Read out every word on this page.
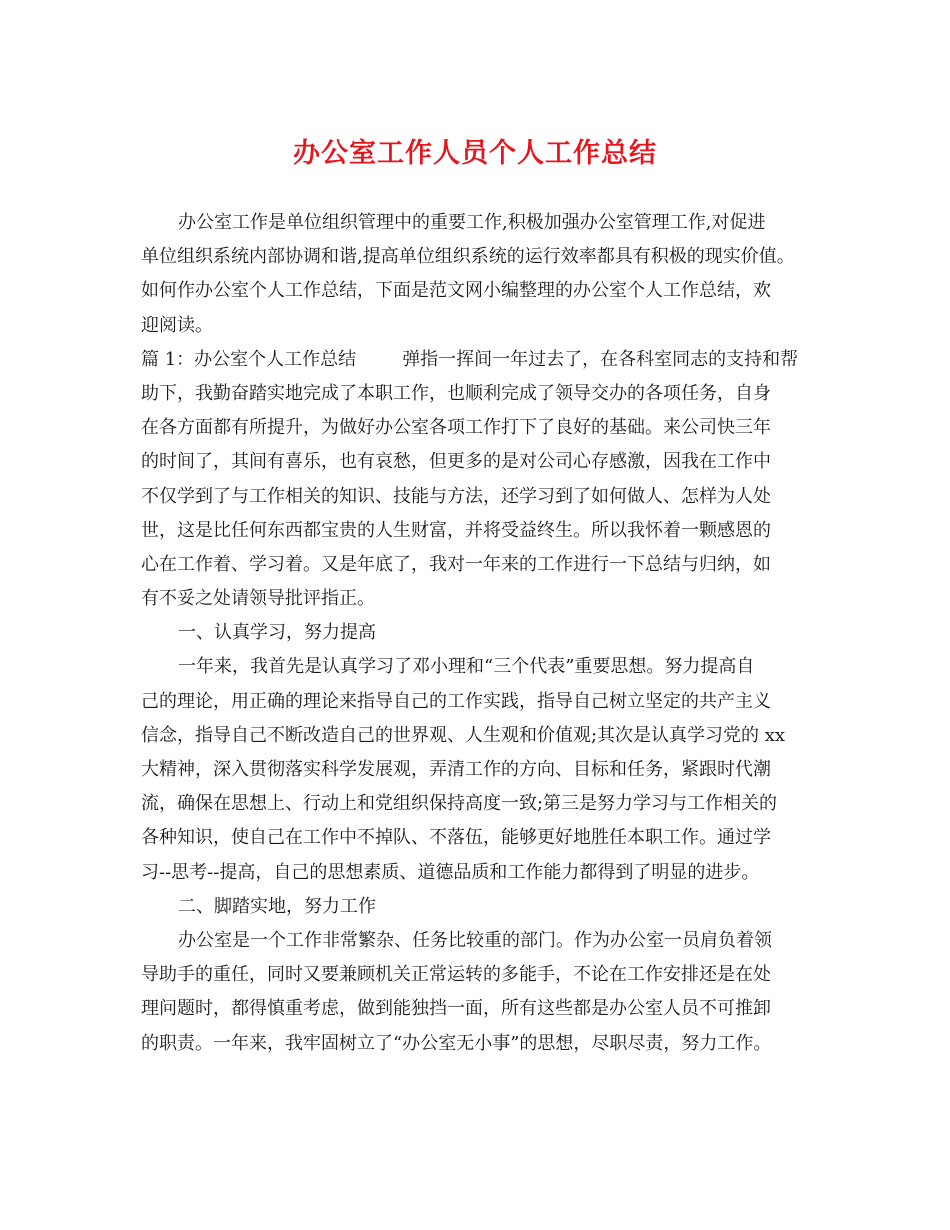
办公室工作人员个人工作总结

办公室工作是单位组织管理中的重要工作,积极加强办公室管理工作,对促进

单位组织系统内部协调和谐,提高单位组织系统的运行效率都具有积极的现实价值。

如何作办公室个人工作总结，下面是范文网小编整理的办公室个人工作总结，欢

迎阅读。

篇 1：办公室个人工作总结	弹指一挥间一年过去了，在各科室同志的支持和帮

助下，我勤奋踏实地完成了本职工作，也顺利完成了领导交办的各项任务，自身

在各方面都有所提升，为做好办公室各项工作打下了良好的基础。来公司快三年

的时间了，其间有喜乐，也有哀愁，但更多的是对公司心存感激，因我在工作中

不仅学到了与工作相关的知识、技能与方法，还学习到了如何做人、怎样为人处

世，这是比任何东西都宝贵的人生财富，并将受益终生。所以我怀着一颗感恩的

心在工作着、学习着。又是年底了，我对一年来的工作进行一下总结与归纳，如

有不妥之处请领导批评指正。

一、认真学习，努力提高

一年来，我首先是认真学习了邓小理和“三个代表”重要思想。努力提高自

己的理论，用正确的理论来指导自己的工作实践，指导自己树立坚定的共产主义

信念，指导自己不断改造自己的世界观、人生观和价值观;其次是认真学习党的 xx

大精神，深入贯彻落实科学发展观，弄清工作的方向、目标和任务，紧跟时代潮

流，确保在思想上、行动上和党组织保持高度一致;第三是努力学习与工作相关的

各种知识，使自己在工作中不掉队、不落伍，能够更好地胜任本职工作。通过学

习--思考--提高，自己的思想素质、道德品质和工作能力都得到了明显的进步。

二、脚踏实地，努力工作

办公室是一个工作非常繁杂、任务比较重的部门。作为办公室一员肩负着领

导助手的重任，同时又要兼顾机关正常运转的多能手，不论在工作安排还是在处

理问题时，都得慎重考虑，做到能独挡一面，所有这些都是办公室人员不可推卸

的职责。一年来，我牢固树立了“办公室无小事”的思想，尽职尽责，努力工作。
